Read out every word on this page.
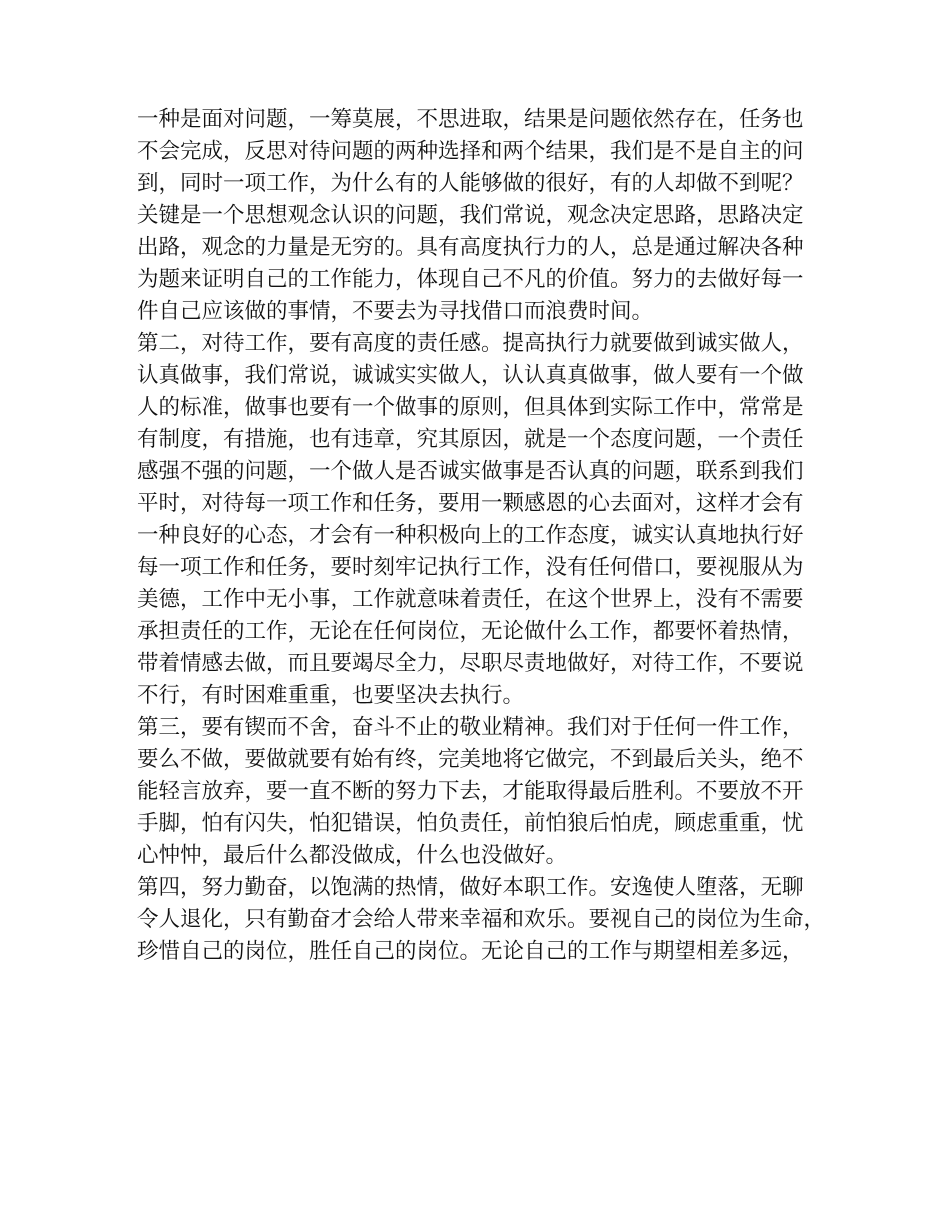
一种是面对问题，一筹莫展，不思进取，结果是问题依然存在，任务也
不会完成，反思对待问题的两种选择和两个结果，我们是不是自主的问
到，同时一项工作，为什么有的人能够做的很好，有的人却做不到呢？
关键是一个思想观念认识的问题，我们常说，观念决定思路，思路决定
出路，观念的力量是无穷的。具有高度执行力的人，总是通过解决各种
为题来证明自己的工作能力，体现自己不凡的价值。努力的去做好每一
件自己应该做的事情，不要去为寻找借口而浪费时间。
第二，对待工作，要有高度的责任感。提高执行力就要做到诚实做人，
认真做事，我们常说，诚诚实实做人，认认真真做事，做人要有一个做
人的标准，做事也要有一个做事的原则，但具体到实际工作中，常常是
有制度，有措施，也有违章，究其原因，就是一个态度问题，一个责任
感强不强的问题，一个做人是否诚实做事是否认真的问题，联系到我们
平时，对待每一项工作和任务，要用一颗感恩的心去面对，这样才会有
一种良好的心态，才会有一种积极向上的工作态度，诚实认真地执行好
每一项工作和任务，要时刻牢记执行工作，没有任何借口，要视服从为
美德，工作中无小事，工作就意味着责任，在这个世界上，没有不需要
承担责任的工作，无论在任何岗位，无论做什么工作，都要怀着热情，
带着情感去做，而且要竭尽全力，尽职尽责地做好，对待工作，不要说
不行，有时困难重重，也要坚决去执行。
第三，要有锲而不舍，奋斗不止的敬业精神。我们对于任何一件工作，
要么不做，要做就要有始有终，完美地将它做完，不到最后关头，绝不
能轻言放弃，要一直不断的努力下去，才能取得最后胜利。不要放不开
手脚，怕有闪失，怕犯错误，怕负责任，前怕狼后怕虎，顾虑重重，忧
心忡忡，最后什么都没做成，什么也没做好。
第四，努力勤奋，以饱满的热情，做好本职工作。安逸使人堕落，无聊
令人退化，只有勤奋才会给人带来幸福和欢乐。要视自己的岗位为生命，
珍惜自己的岗位，胜任自己的岗位。无论自己的工作与期望相差多远，
